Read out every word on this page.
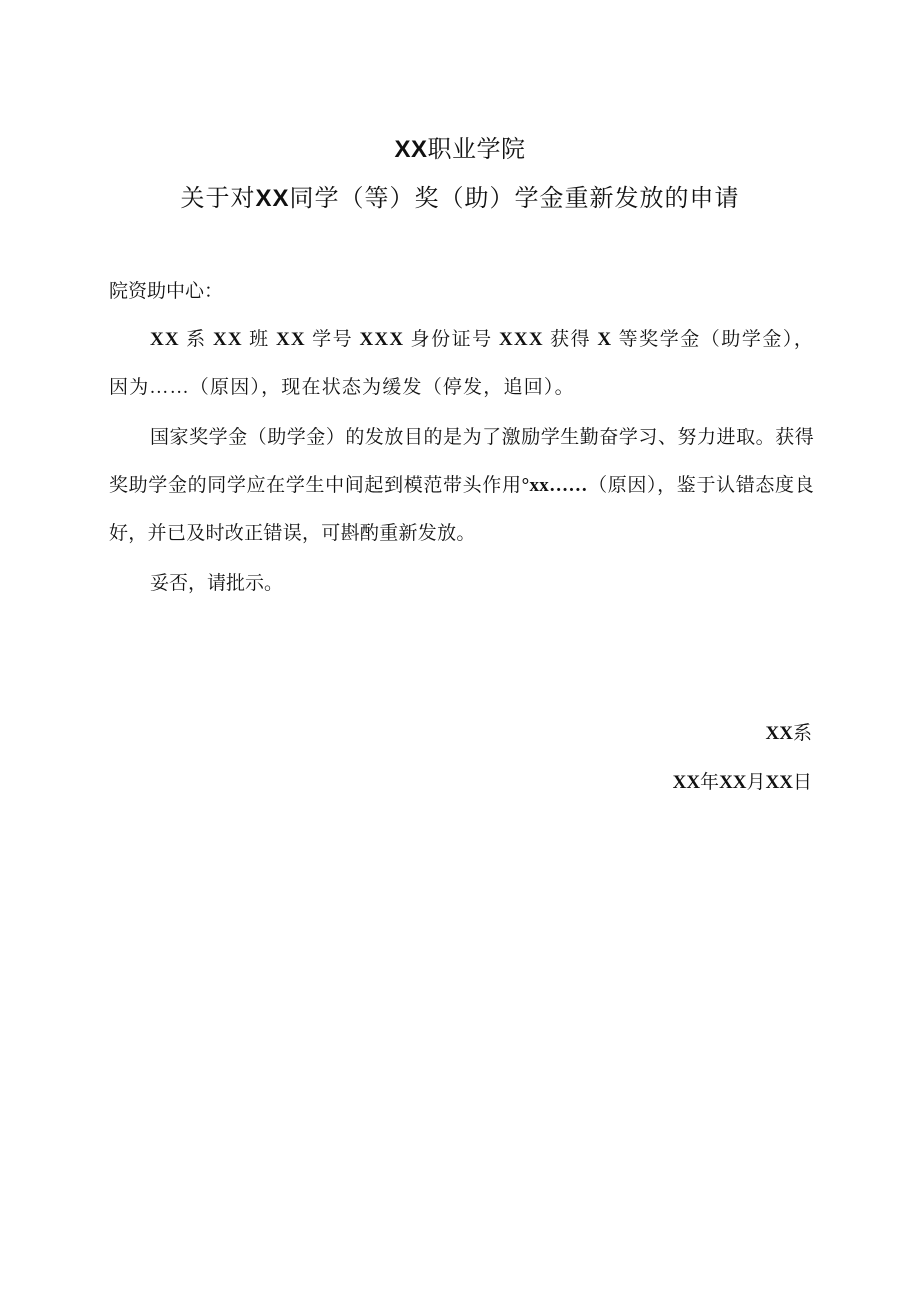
XX职业学院
关于对XX同学（等）奖（助）学金重新发放的申请
院资助中心：

XX 系 XX 班 XX 学号 XXX 身份证号 XXX 获得 X 等奖学金（助学金），因为……（原因），现在状态为缓发（停发，追回）。

国家奖学金（助学金）的发放目的是为了激励学生勤奋学习、努力进取。获得奖助学金的同学应在学生中间起到模范带头作用°xx……（原因），鉴于认错态度良好，并已及时改正错误，可斟酌重新发放。

妥否，请批示。

XX系
XX年XX月XX日
